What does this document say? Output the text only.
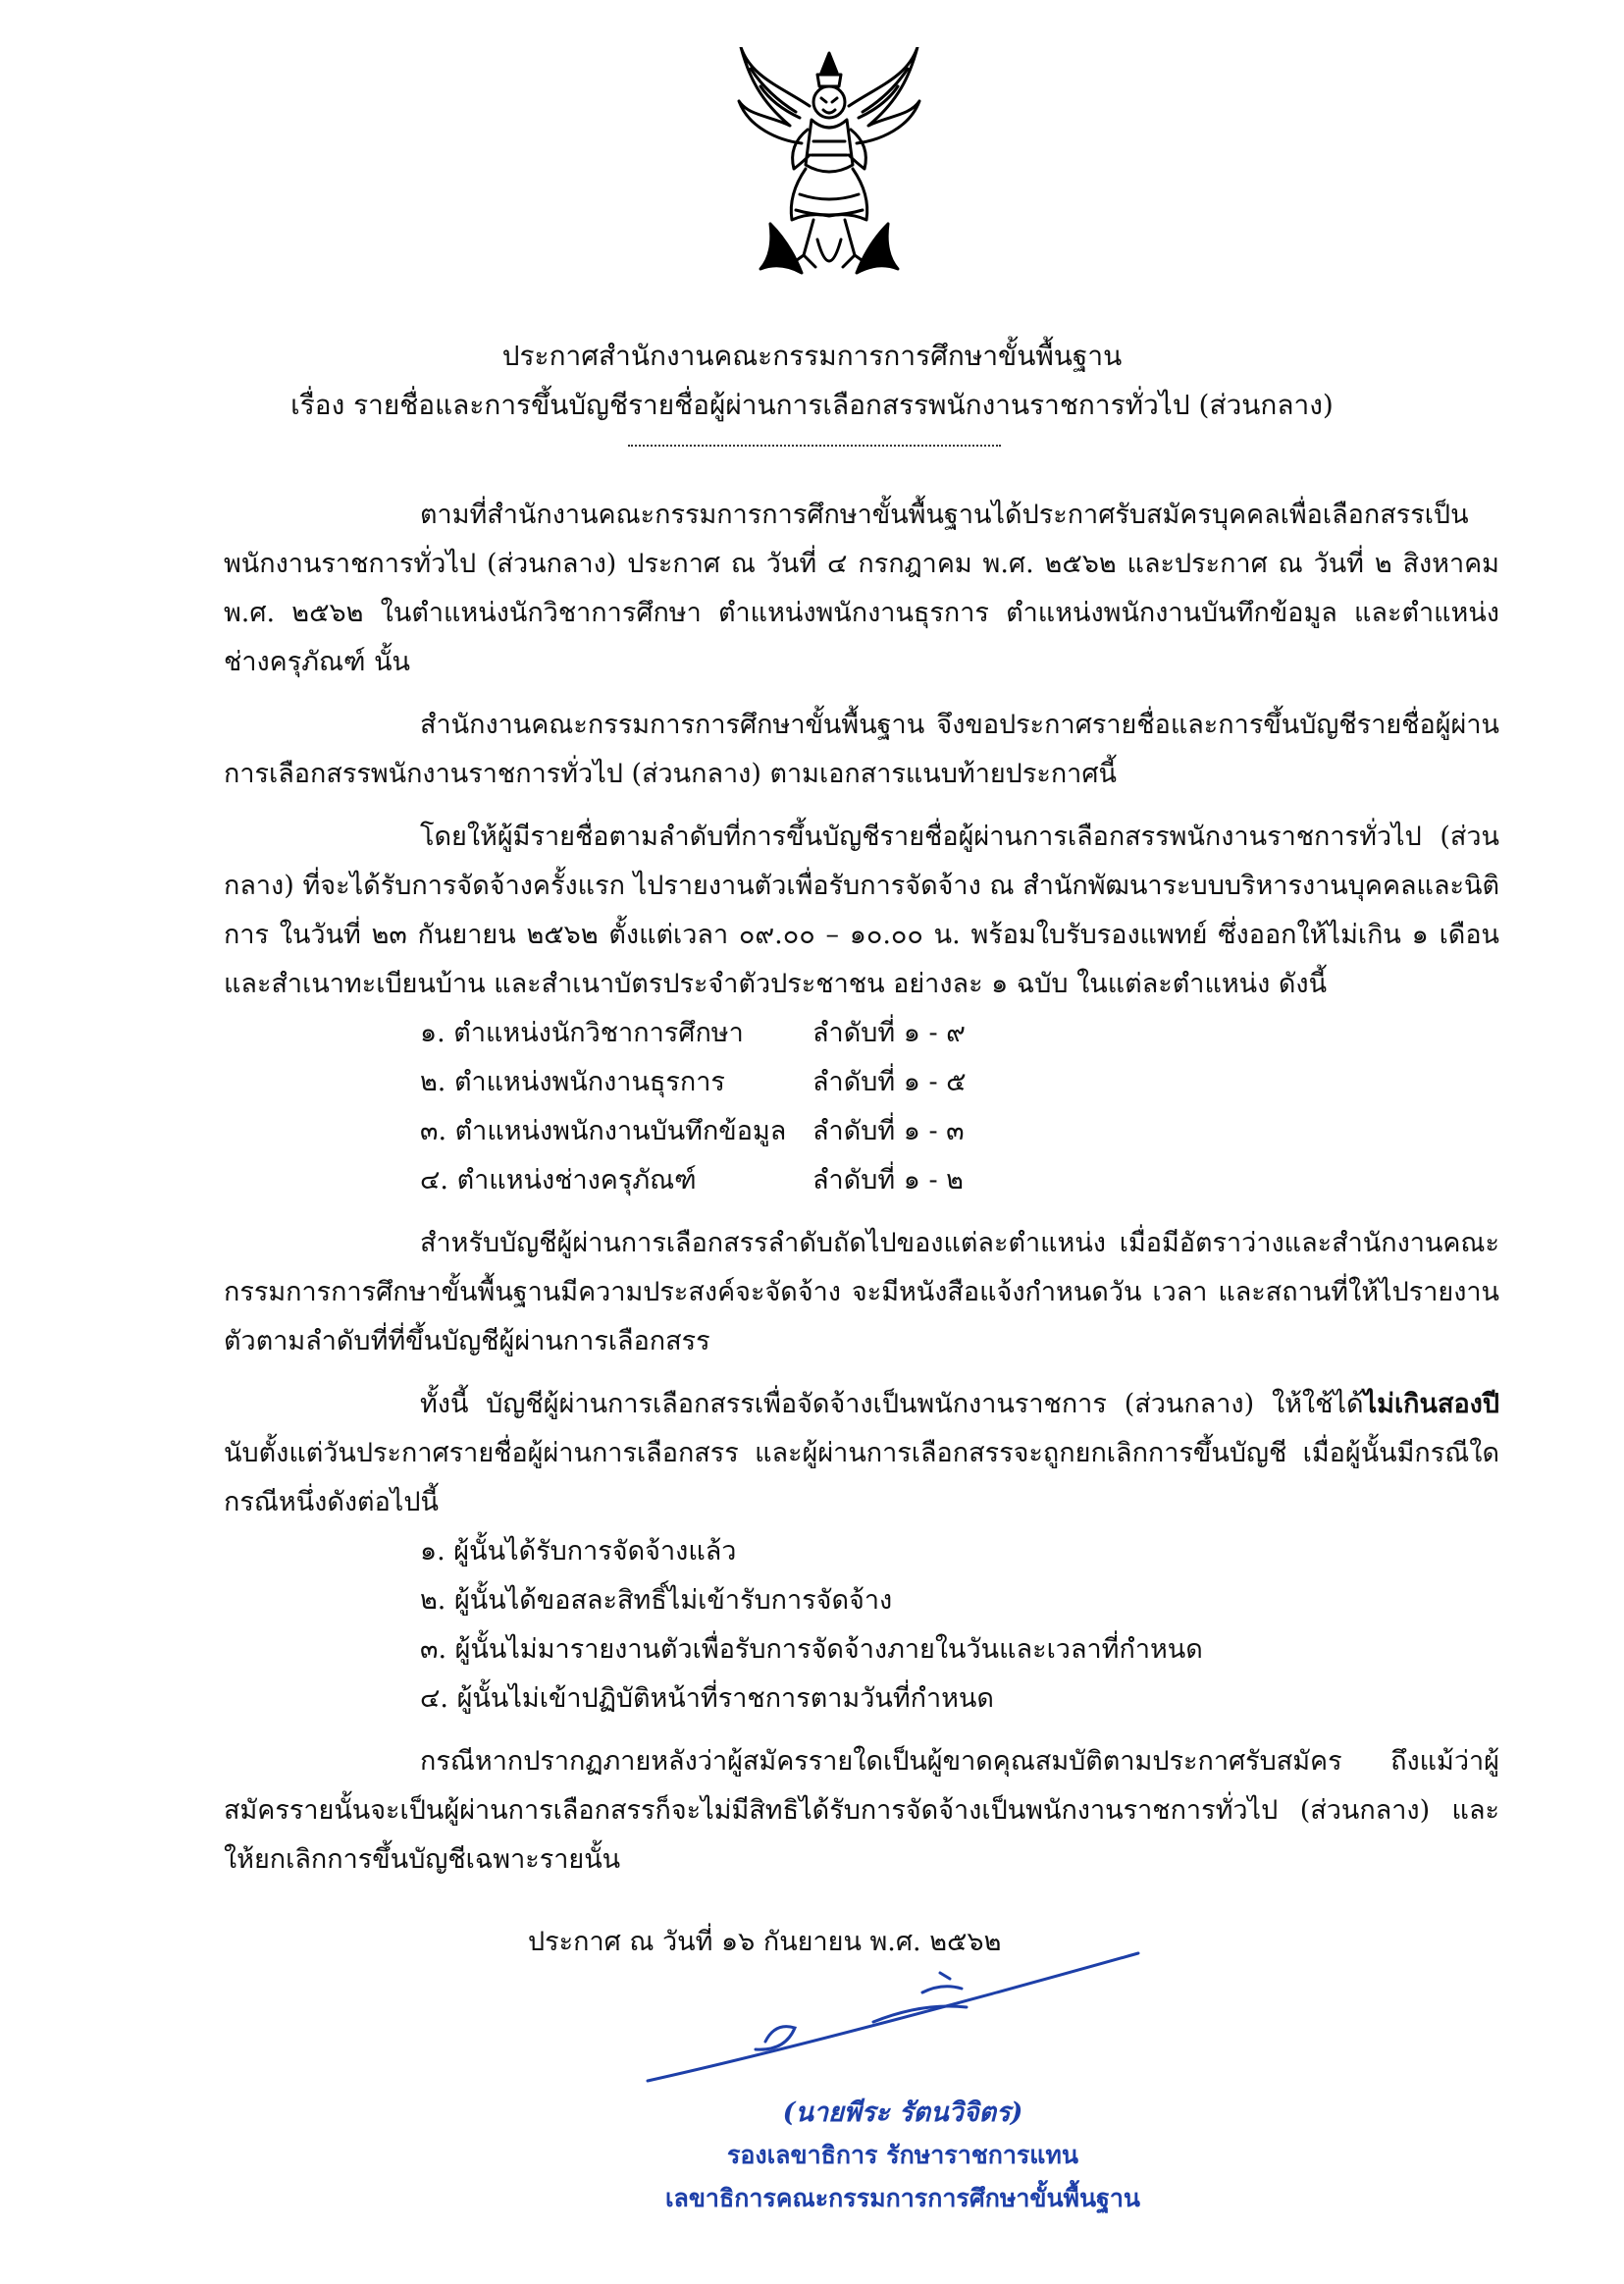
ประกาศสำนักงานคณะกรรมการการศึกษาขั้นพื้นฐาน
เรื่อง รายชื่อและการขึ้นบัญชีรายชื่อผู้ผ่านการเลือกสรรพนักงานราชการทั่วไป (ส่วนกลาง)

ตามที่สำนักงานคณะกรรมการการศึกษาขั้นพื้นฐานได้ประกาศรับสมัครบุคคลเพื่อเลือกสรรเป็นพนักงานราชการทั่วไป (ส่วนกลาง) ประกาศ ณ วันที่ ๔ กรกฎาคม พ.ศ. ๒๕๖๒ และประกาศ ณ วันที่ ๒ สิงหาคม พ.ศ. ๒๕๖๒ ในตำแหน่งนักวิชาการศึกษา ตำแหน่งพนักงานธุรการ ตำแหน่งพนักงานบันทึกข้อมูล และตำแหน่งช่างครุภัณฑ์ นั้น

สำนักงานคณะกรรมการการศึกษาขั้นพื้นฐาน จึงขอประกาศรายชื่อและการขึ้นบัญชีรายชื่อผู้ผ่านการเลือกสรรพนักงานราชการทั่วไป (ส่วนกลาง) ตามเอกสารแนบท้ายประกาศนี้

โดยให้ผู้มีรายชื่อตามลำดับที่การขึ้นบัญชีรายชื่อผู้ผ่านการเลือกสรรพนักงานราชการทั่วไป (ส่วนกลาง) ที่จะได้รับการจัดจ้างครั้งแรก ไปรายงานตัวเพื่อรับการจัดจ้าง ณ สำนักพัฒนาระบบบริหารงานบุคคลและนิติการ ในวันที่ ๒๓ กันยายน ๒๕๖๒ ตั้งแต่เวลา ๐๙.๐๐ – ๑๐.๐๐ น. พร้อมใบรับรองแพทย์ ซึ่งออกให้ไม่เกิน ๑ เดือน และสำเนาทะเบียนบ้าน และสำเนาบัตรประจำตัวประชาชน อย่างละ ๑ ฉบับ ในแต่ละตำแหน่ง ดังนี้

๑. ตำแหน่งนักวิชาการศึกษา	ลำดับที่ ๑ - ๙
๒. ตำแหน่งพนักงานธุรการ	ลำดับที่ ๑ - ๕
๓. ตำแหน่งพนักงานบันทึกข้อมูล ลำดับที่ ๑ - ๓
๔. ตำแหน่งช่างครุภัณฑ์	ลำดับที่ ๑ - ๒

สำหรับบัญชีผู้ผ่านการเลือกสรรลำดับถัดไปของแต่ละตำแหน่ง เมื่อมีอัตราว่างและสำนักงานคณะกรรมการการศึกษาขั้นพื้นฐานมีความประสงค์จะจัดจ้าง จะมีหนังสือแจ้งกำหนดวัน เวลา และสถานที่ให้ไปรายงานตัวตามลำดับที่ที่ขึ้นบัญชีผู้ผ่านการเลือกสรร

ทั้งนี้ บัญชีผู้ผ่านการเลือกสรรเพื่อจัดจ้างเป็นพนักงานราชการ (ส่วนกลาง) ให้ใช้ได้ไม่เกินสองปี นับตั้งแต่วันประกาศรายชื่อผู้ผ่านการเลือกสรร และผู้ผ่านการเลือกสรรจะถูกยกเลิกการขึ้นบัญชี เมื่อผู้นั้นมีกรณีใดกรณีหนึ่งดังต่อไปนี้

๑. ผู้นั้นได้รับการจัดจ้างแล้ว
๒. ผู้นั้นได้ขอสละสิทธิ์ไม่เข้ารับการจัดจ้าง
๓. ผู้นั้นไม่มารายงานตัวเพื่อรับการจัดจ้างภายในวันและเวลาที่กำหนด
๔. ผู้นั้นไม่เข้าปฏิบัติหน้าที่ราชการตามวันที่กำหนด

กรณีหากปรากฏภายหลังว่าผู้สมัครรายใดเป็นผู้ขาดคุณสมบัติตามประกาศรับสมัคร ถึงแม้ว่าผู้สมัครรายนั้นจะเป็นผู้ผ่านการเลือกสรรก็จะไม่มีสิทธิได้รับการจัดจ้างเป็นพนักงานราชการทั่วไป (ส่วนกลาง) และให้ยกเลิกการขึ้นบัญชีเฉพาะรายนั้น

ประกาศ ณ วันที่ ๑๖ กันยายน พ.ศ. ๒๕๖๒

(นายพีระ รัตนวิจิตร)
รองเลขาธิการ รักษาราชการแทน
เลขาธิการคณะกรรมการการศึกษาขั้นพื้นฐาน
